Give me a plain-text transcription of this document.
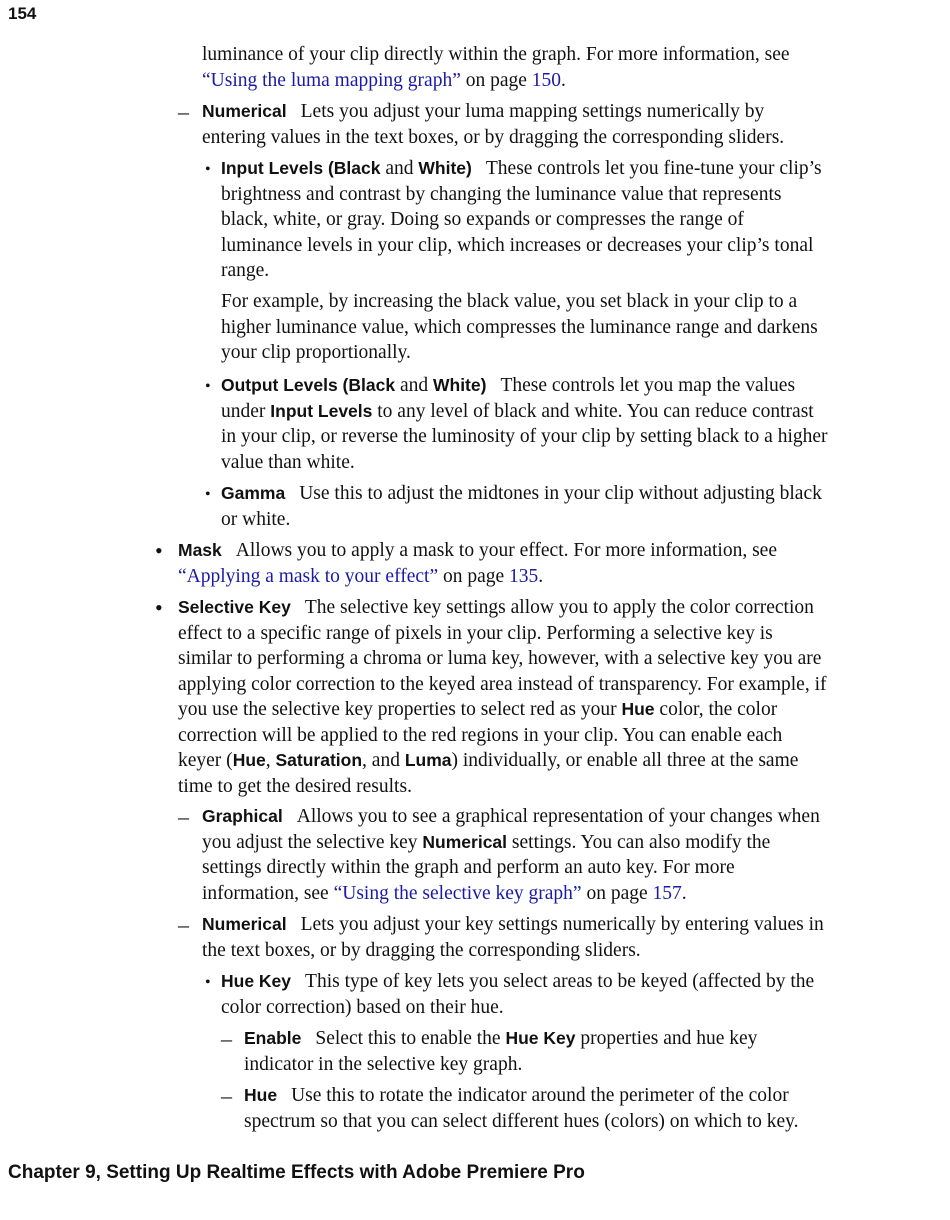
154

luminance of your clip directly within the graph. For more information, see “Using the luma mapping graph” on page 150.

– Numerical Lets you adjust your luma mapping settings numerically by entering values in the text boxes, or by dragging the corresponding sliders.

• Input Levels (Black and White) These controls let you fine-tune your clip’s brightness and contrast by changing the luminance value that represents black, white, or gray. Doing so expands or compresses the range of luminance levels in your clip, which increases or decreases your clip’s tonal range.

For example, by increasing the black value, you set black in your clip to a higher luminance value, which compresses the luminance range and darkens your clip proportionally.

• Output Levels (Black and White) These controls let you map the values under Input Levels to any level of black and white. You can reduce contrast in your clip, or reverse the luminosity of your clip by setting black to a higher value than white.

• Gamma Use this to adjust the midtones in your clip without adjusting black or white.

• Mask Allows you to apply a mask to your effect. For more information, see “Applying a mask to your effect” on page 135.

• Selective Key The selective key settings allow you to apply the color correction effect to a specific range of pixels in your clip. Performing a selective key is similar to performing a chroma or luma key, however, with a selective key you are applying color correction to the keyed area instead of transparency. For example, if you use the selective key properties to select red as your Hue color, the color correction will be applied to the red regions in your clip. You can enable each keyer (Hue, Saturation, and Luma) individually, or enable all three at the same time to get the desired results.

– Graphical Allows you to see a graphical representation of your changes when you adjust the selective key Numerical settings. You can also modify the settings directly within the graph and perform an auto key. For more information, see “Using the selective key graph” on page 157.

– Numerical Lets you adjust your key settings numerically by entering values in the text boxes, or by dragging the corresponding sliders.

• Hue Key This type of key lets you select areas to be keyed (affected by the color correction) based on their hue.

– Enable Select this to enable the Hue Key properties and hue key indicator in the selective key graph.

– Hue Use this to rotate the indicator around the perimeter of the color spectrum so that you can select different hues (colors) on which to key.

Chapter 9, Setting Up Realtime Effects with Adobe Premiere Pro
